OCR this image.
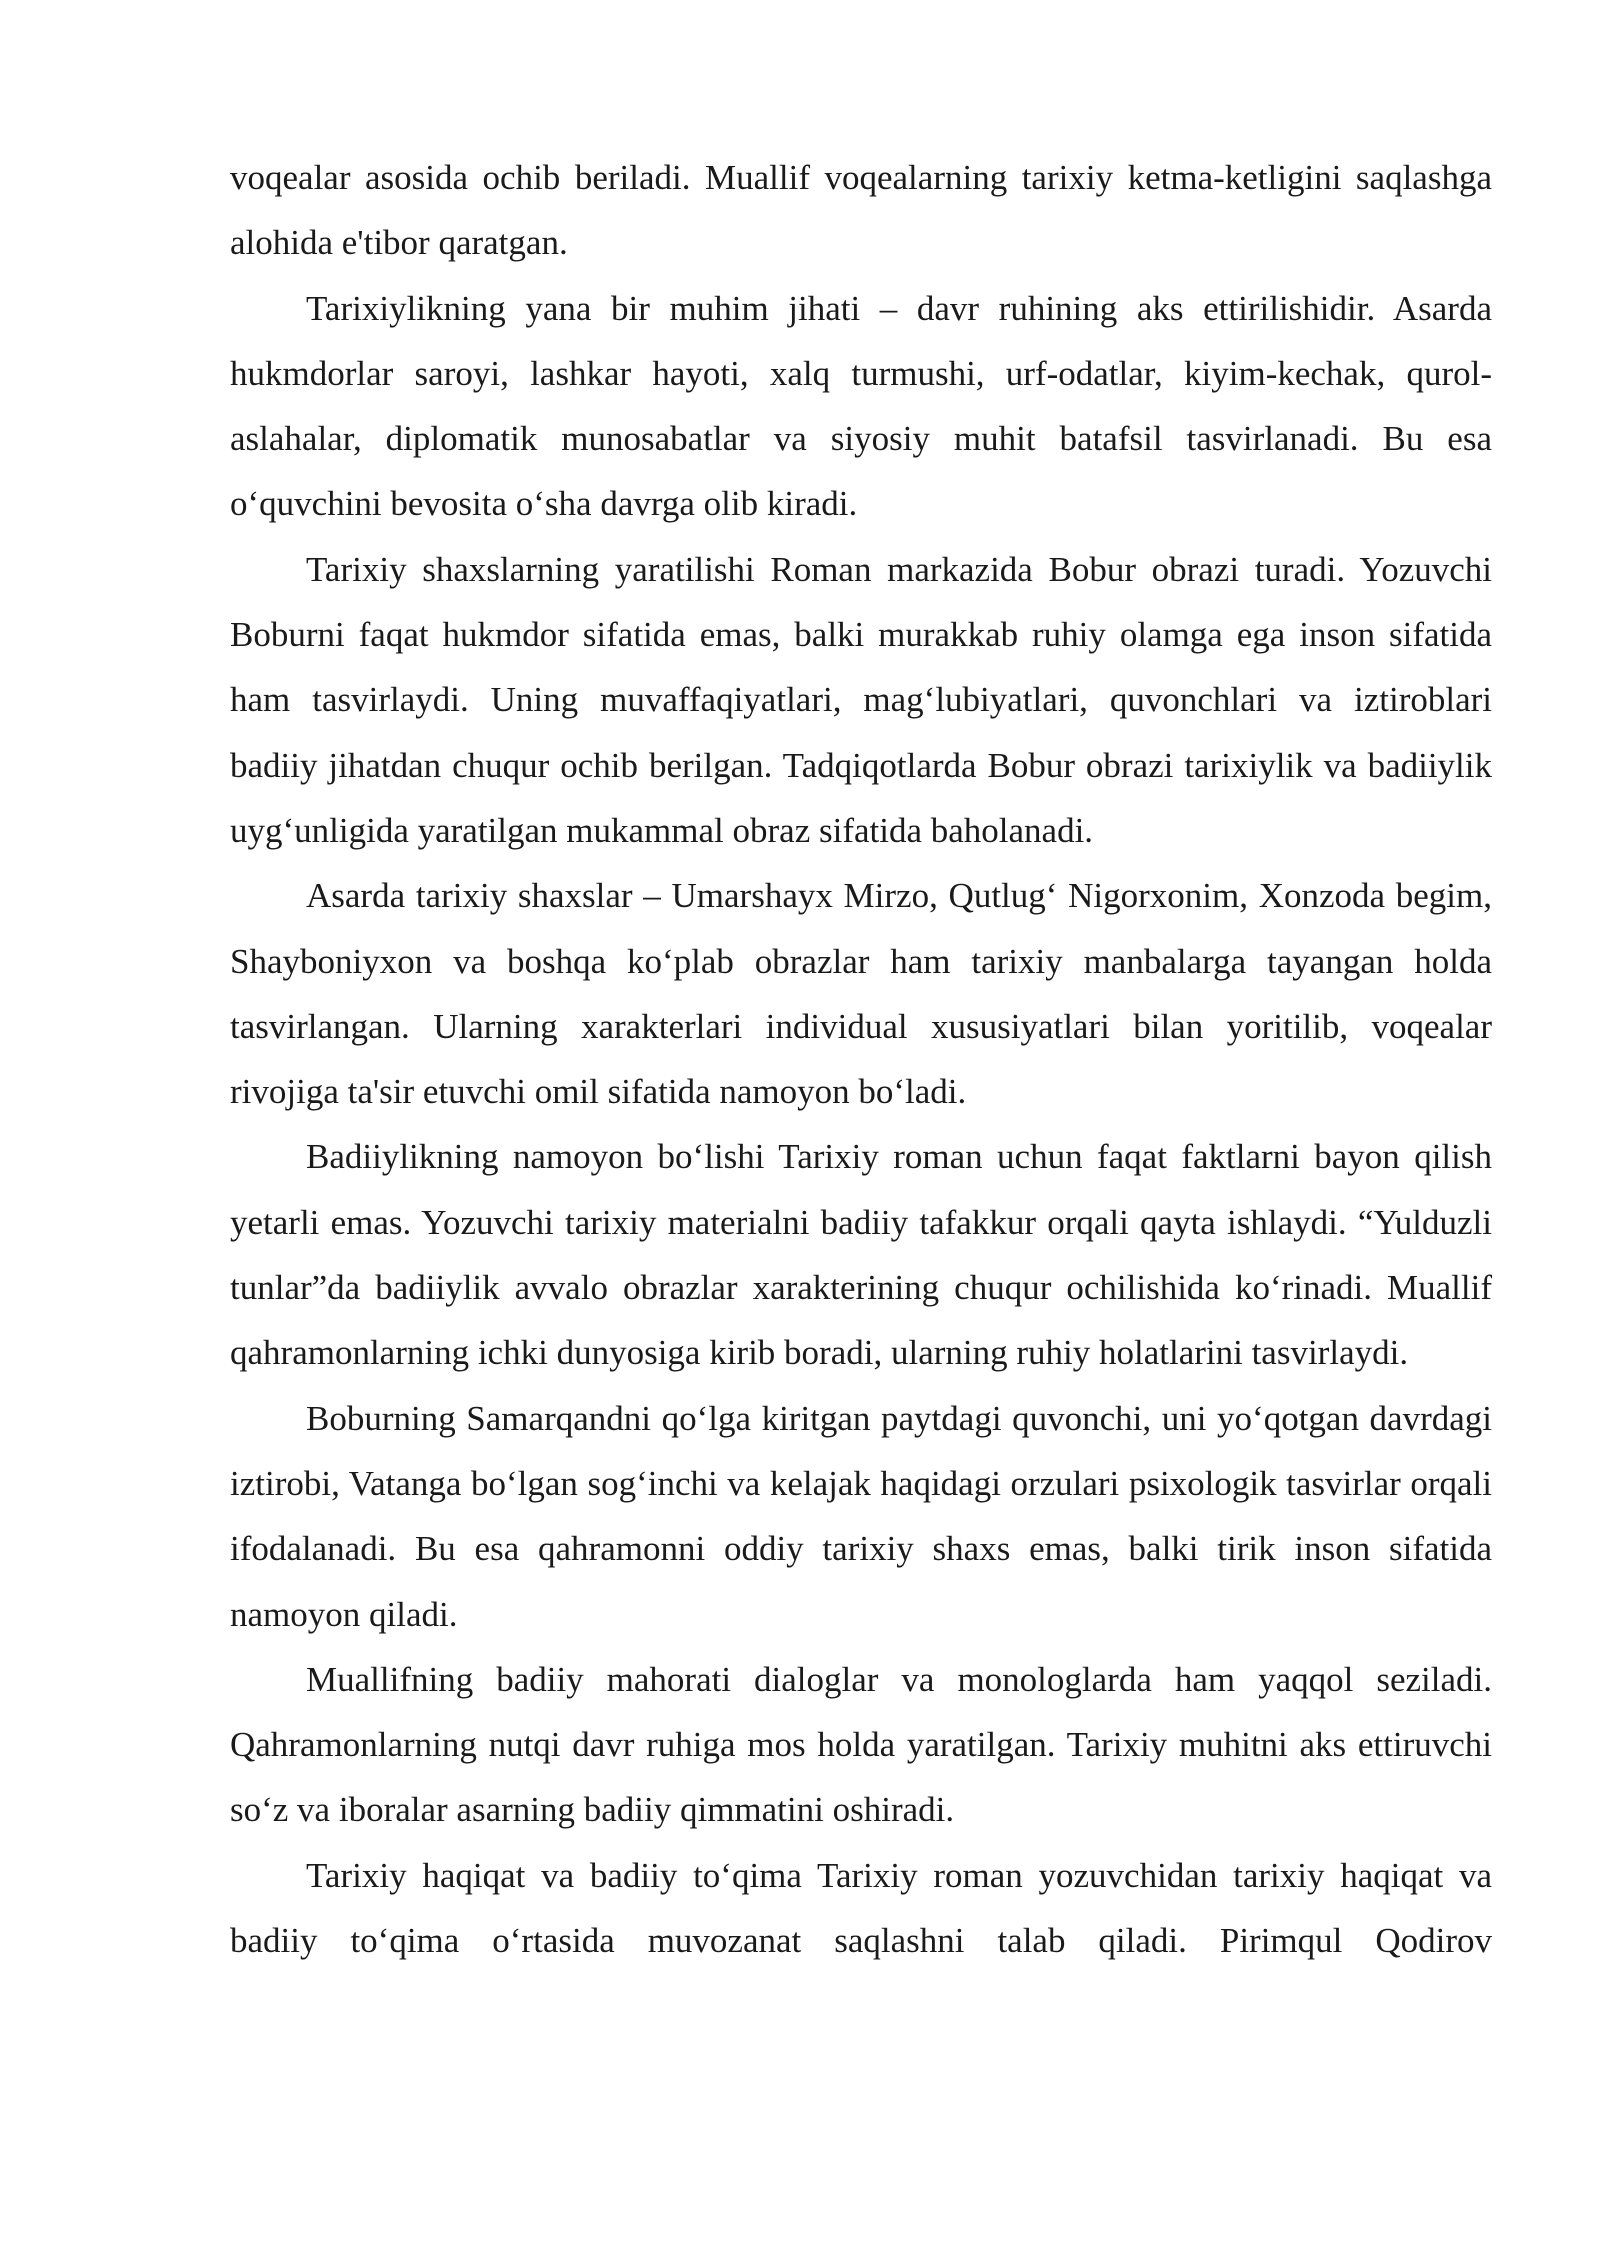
voqealar asosida ochib beriladi. Muallif voqealarning tarixiy ketma-ketligini saqlashga alohida e'tibor qaratgan.

Tarixiylikning yana bir muhim jihati – davr ruhining aks ettirilishidir. Asarda hukmdorlar saroyi, lashkar hayoti, xalq turmushi, urf-odatlar, kiyim-kechak, qurol-aslahalar, diplomatik munosabatlar va siyosiy muhit batafsil tasvirlanadi. Bu esa o‘quvchini bevosita o‘sha davrga olib kiradi.

Tarixiy shaxslarning yaratilishi Roman markazida Bobur obrazi turadi. Yozuvchi Boburni faqat hukmdor sifatida emas, balki murakkab ruhiy olamga ega inson sifatida ham tasvirlaydi. Uning muvaffaqiyatlari, mag‘lubiyatlari, quvonchlari va iztiroblari badiiy jihatdan chuqur ochib berilgan. Tadqiqotlarda Bobur obrazi tarixiylik va badiiylik uyg‘unligida yaratilgan mukammal obraz sifatida baholanadi.

Asarda tarixiy shaxslar – Umarshayx Mirzo, Qutlug‘ Nigorxonim, Xonzoda begim, Shayboniyxon va boshqa ko‘plab obrazlar ham tarixiy manbalarga tayangan holda tasvirlangan. Ularning xarakterlari individual xususiyatlari bilan yoritilib, voqealar rivojiga ta'sir etuvchi omil sifatida namoyon bo‘ladi.

Badiiylikning namoyon bo‘lishi Tarixiy roman uchun faqat faktlarni bayon qilish yetarli emas. Yozuvchi tarixiy materialni badiiy tafakkur orqali qayta ishlaydi. “Yulduzli tunlar”da badiiylik avvalo obrazlar xarakterining chuqur ochilishida ko‘rinadi. Muallif qahramonlarning ichki dunyosiga kirib boradi, ularning ruhiy holatlarini tasvirlaydi.

Boburning Samarqandni qo‘lga kiritgan paytdagi quvonchi, uni yo‘qotgan davrdagi iztirobi, Vatanga bo‘lgan sog‘inchi va kelajak haqidagi orzulari psixologik tasvirlar orqali ifodalanadi. Bu esa qahramonni oddiy tarixiy shaxs emas, balki tirik inson sifatida namoyon qiladi.

Muallifning badiiy mahorati dialoglar va monologlarda ham yaqqol seziladi. Qahramonlarning nutqi davr ruhiga mos holda yaratilgan. Tarixiy muhitni aks ettiruvchi so‘z va iboralar asarning badiiy qimmatini oshiradi.

Tarixiy haqiqat va badiiy to‘qima Tarixiy roman yozuvchidan tarixiy haqiqat va badiiy to‘qima o‘rtasida muvozanat saqlashni talab qiladi. Pirimqul Qodirov
